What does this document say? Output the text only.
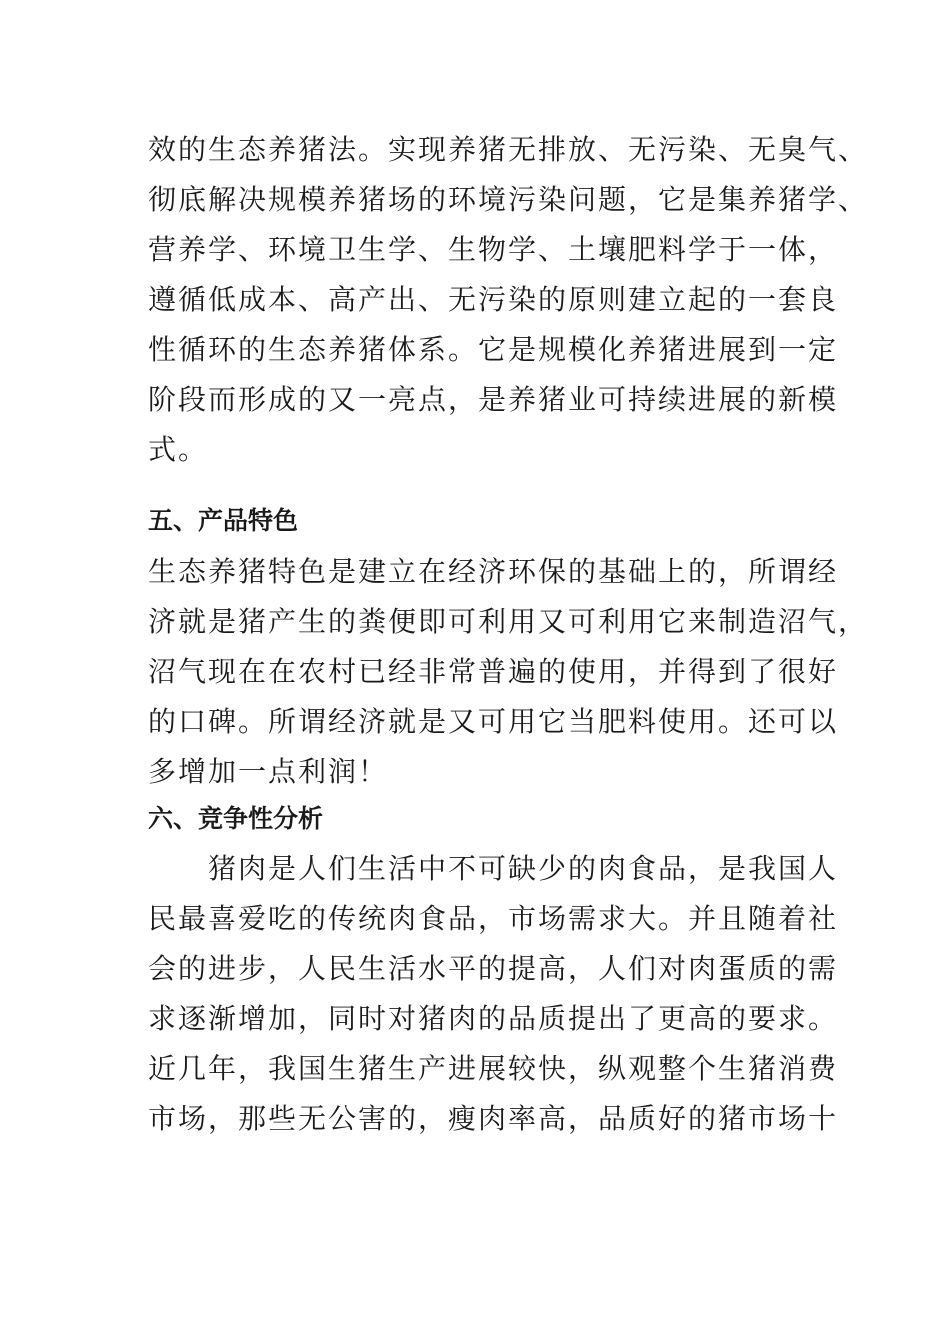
效的生态养猪法。实现养猪无排放、无污染、无臭气、
彻底解决规模养猪场的环境污染问题，它是集养猪学、
营养学、环境卫生学、生物学、土壤肥料学于一体，
遵循低成本、高产出、无污染的原则建立起的一套良
性循环的生态养猪体系。它是规模化养猪进展到一定
阶段而形成的又一亮点，是养猪业可持续进展的新模
式。
五、产品特色
生态养猪特色是建立在经济环保的基础上的，所谓经
济就是猪产生的粪便即可利用又可利用它来制造沼气，
沼气现在在农村已经非常普遍的使用，并得到了很好
的口碑。所谓经济就是又可用它当肥料使用。还可以
多增加一点利润！
六、竞争性分析
　　猪肉是人们生活中不可缺少的肉食品，是我国人
民最喜爱吃的传统肉食品，市场需求大。并且随着社
会的进步，人民生活水平的提高，人们对肉蛋质的需
求逐渐增加，同时对猪肉的品质提出了更高的要求。
近几年，我国生猪生产进展较快，纵观整个生猪消费
市场，那些无公害的，瘦肉率高，品质好的猪市场十
